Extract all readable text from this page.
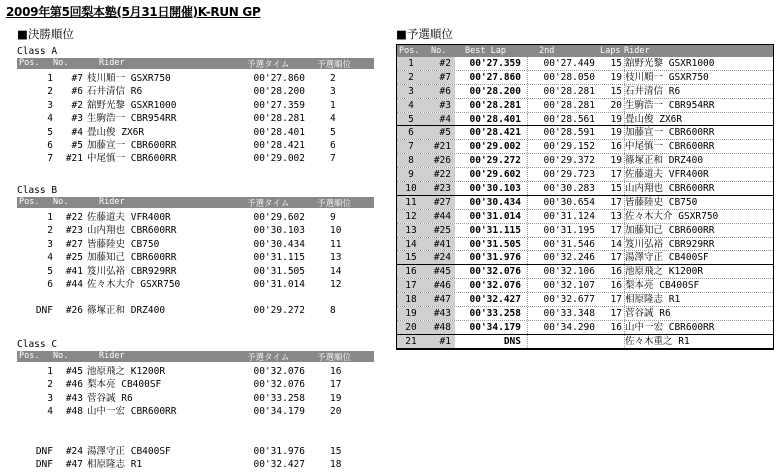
2009年第5回梨本塾(5月31日開催)K-RUN GP
■決勝順位	■予選順位
Class A
Pos. No.	Rider	予選タイム	予選順位
1	#7 枝川順一 GSXR750	00'27.860	2
2	#6 石井清信 R6	00'28.200	3
3	#2 舘野光黎 GSXR1000	00'27.359	1
4	#3 生駒浩一 CBR954RR	00'28.281	4
5	#4 畳山俊 ZX6R	00'28.401	5
6	#5 加藤宣一 CBR600RR	00'28.421	6
7	#21 中尾慎一 CBR600RR	00'29.002	7
Class B
Pos. No.	Rider	予選タイム	予選順位
1	#22 佐藤道夫 VFR400R	00'29.602	9
2	#23 山内翔也 CBR600RR	00'30.103	10
3	#27 皆藤陸史 CB750	00'30.434	11
4	#25 加藤知己 CBR600RR	00'31.115	13
5	#41 笈川弘裕 CBR929RR	00'31.505	14
6	#44 佐々木大介 GSXR750	00'31.014	12
DNF	#26 篠塚正和 DRZ400	00'29.272	8
Class C
Pos. No.	Rider	予選タイム	予選順位
1	#45 池原飛之 K1200R	00'32.076	16
2	#46 梨本亮 CB400SF	00'32.076	17
3	#43 菅谷誠 R6	00'33.258	19
4	#48 山中一宏 CBR600RR	00'34.179	20
DNF	#24 湯澤守正 CB400SF	00'31.976	15
DNF	#47 相原隆志 R1	00'32.427	18
Pos. No. Best Lap	2nd	Laps Rider
1	#2	00'27.359	00'27.449	15 舘野光黎 GSXR1000
2	#7	00'27.860	00'28.050	19 枝川順一 GSXR750
3	#6	00'28.200	00'28.281	15 石井清信 R6
4	#3	00'28.281	00'28.281	20 生駒浩一 CBR954RR
5	#4	00'28.401	00'28.561	19 畳山俊 ZX6R
6	#5	00'28.421	00'28.591	19 加藤宣一 CBR600RR
7	#21	00'29.002	00'29.152	16 中尾慎一 CBR600RR
8	#26	00'29.272	00'29.372	19 篠塚正和 DRZ400
9	#22	00'29.602	00'29.723	17 佐藤道夫 VFR400R
10	#23	00'30.103	00'30.283	15 山内翔也 CBR600RR
11	#27	00'30.434	00'30.654	17 皆藤陸史 CB750
12	#44	00'31.014	00'31.124	13 佐々木大介 GSXR750
13	#25	00'31.115	00'31.195	17 加藤知己 CBR600RR
14	#41	00'31.505	00'31.546	14 笈川弘裕 CBR929RR
15	#24	00'31.976	00'32.246	17 湯澤守正 CB400SF
16	#45	00'32.076	00'32.106	16 池原飛之 K1200R
17	#46	00'32.076	00'32.107	16 梨本亮 CB400SF
18	#47	00'32.427	00'32.677	17 相原隆志 R1
19	#43	00'33.258	00'33.348	17 菅谷誠 R6
20	#48	00'34.179	00'34.290	16 山中一宏 CBR600RR
21	#1	DNS	佐々木重之 R1
